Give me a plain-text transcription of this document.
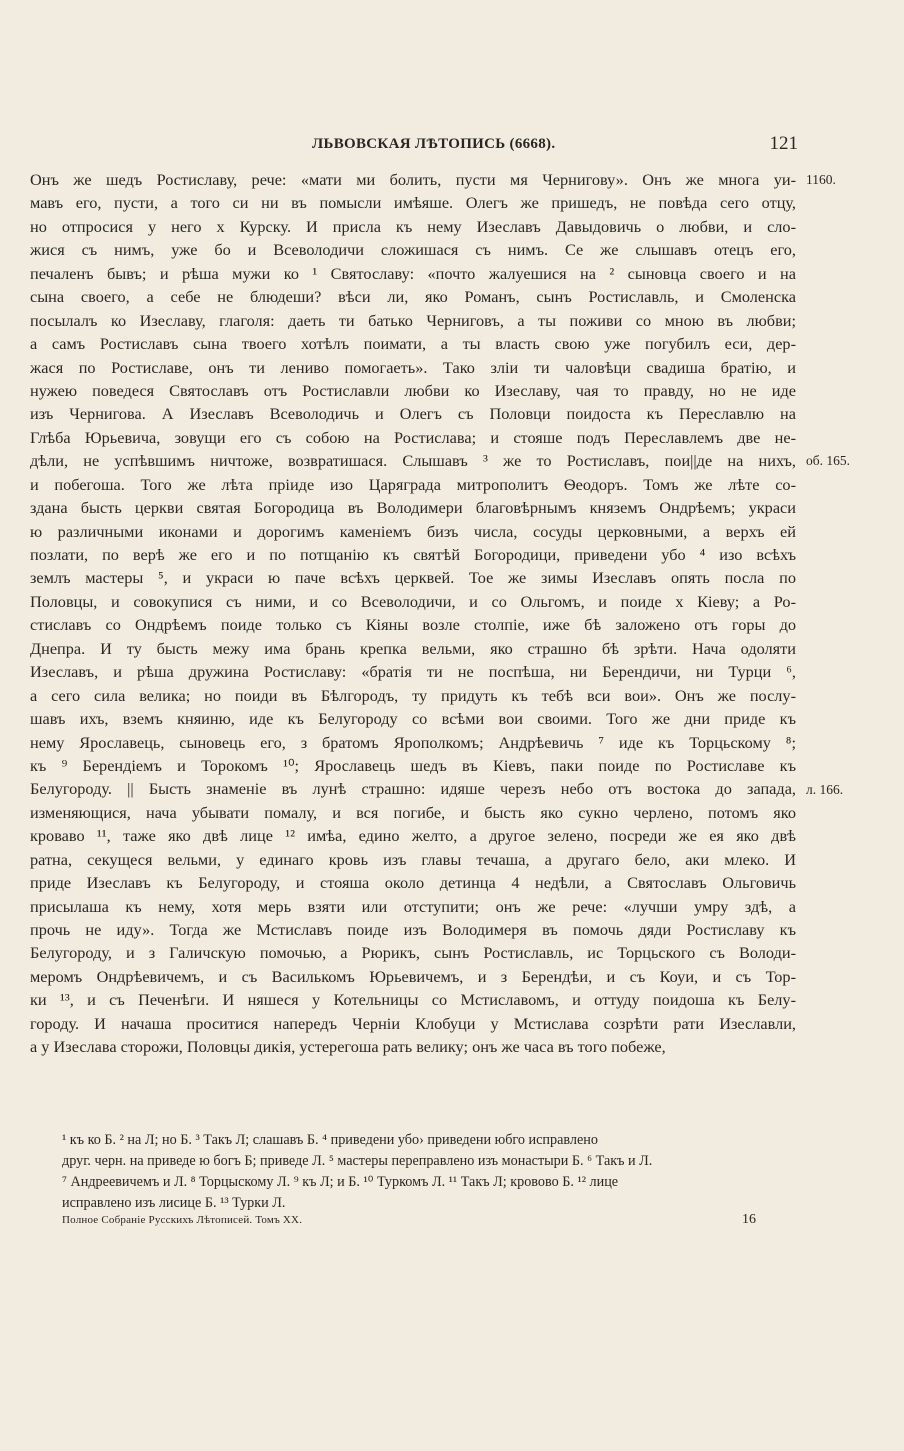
ЛЬВОВСКАЯ ЛѢТОПИСЬ (6668).	121
Онъ же шедъ Ростиславу, рече: «мати ми болить, пусти мя Чернигову». Онъ же многа уи-
мавъ его, пусти, а того си ни въ помысли имѣяше. Олегъ же пришедъ, не повѣда сего отцу,
но отпросися у него х Курску. И присла къ нему Изеславъ Давыдовичь о любви, и сло-
жися съ нимъ, уже бо и Всеволодичи сложишася съ нимъ. Се же слышавъ отецъ его,
печаленъ бывъ; и рѣша мужи ко ¹ Святославу: «почто жалуешися на ² сыновца своего и на
сына своего, а себе не блюдеши? вѣси ли, яко Романъ, сынъ Ростиславль, и Смоленска
посылалъ ко Изеславу, глаголя: даеть ти батько Черниговъ, а ты поживи со мною въ любви;
а самъ Ростиславъ сына твоего хотѣлъ поимати, а ты власть свою уже погубилъ еси, дер-
жася по Ростиславе, онъ ти лениво помогаеть». Тако зліи ти чаловѣци свадиша братію, и
нужею поведеся Святославъ отъ Ростиславли любви ко Изеславу, чая то правду, но не иде
изъ Чернигова. А Изеславъ Всеволодичь и Олегъ съ Половци поидоста къ Переславлю на
Глѣба Юрьевича, зовущи его съ собою на Ростислава; и стояше подъ Переславлемъ две не-
дѣли, не успѣвшимъ ничтоже, возвратишася. Слышавъ ³ же то Ростиславъ, пои||де на нихъ,
и побегоша. Того же лѣта пріиде изо Царяграда митрополитъ Ѳеодоръ. Томъ же лѣте со-
здана бысть церкви святая Богородица въ Володимери благовѣрнымъ княземъ Ондрѣемъ; украси
ю различными иконами и дорогимъ каменіемъ бизъ числа, сосуды церковными, а верхъ ей
позлати, по верѣ же его и по потщанію къ святѣй Богородици, приведени убо ⁴ изо всѣхъ
землъ мастеры ⁵, и украси ю паче всѣхъ церквей. Тое же зимы Изеславъ опять посла по
Половцы, и совокупися съ ними, и со Всеволодичи, и со Ольгомъ, и поиде х Кіеву; а Ро-
стиславъ со Ондрѣемъ поиде только съ Кіяны возле столпіе, иже бѣ заложено отъ горы до
Днепра. И ту бысть межу има брань крепка вельми, яко страшно бѣ зрѣти. Нача одоляти
Изеславъ, и рѣша дружина Ростиславу: «братія ти не поспѣша, ни Берендичи, ни Турци ⁶,
а сего сила велика; но поиди въ Бѣлгородъ, ту придуть къ тебѣ вси вои». Онъ же послу-
шавъ ихъ, вземъ княиню, иде къ Белугороду со всѣми вои своими. Того же дни приде къ
нему Ярославець, сыновець его, з братомъ Ярополкомъ; Андрѣевичь ⁷ иде къ Торцьскому ⁸;
къ ⁹ Берендіемъ и Торокомъ ¹⁰; Ярославець шедъ въ Кіевъ, паки поиде по Ростиславе къ
Белугороду. || Бысть знаменіе въ лунѣ страшно: идяше черезъ небо отъ востока до запада,
изменяющися, нача убывати помалу, и вся погибе, и бысть яко сукно черлено, потомъ яко
кроваво ¹¹, таже яко двѣ лице ¹² имѣа, едино желто, а другое зелено, посреди же ея яко двѣ
ратна, секущеся вельми, у единаго кровь изъ главы течаша, а другаго бело, аки млеко. И
приде Изеславъ къ Белугороду, и стояша около детинца 4 недѣли, а Святославъ Ольговичь
присылаша къ нему, хотя мерь взяти или отступити; онъ же рече: «лучши умру здѣ, а
прочь не иду». Тогда же Мстиславъ поиде изъ Володимеря въ помочь дяди Ростиславу къ
Белугороду, и з Галичскую помочью, а Рюрикъ, сынъ Ростиславль, ис Торцьского съ Володи-
меромъ Ондрѣевичемъ, и съ Василькомъ Юрьевичемъ, и з Берендѣи, и съ Коуи, и съ Тор-
ки ¹³, и съ Печенѣги. И няшеся у Котельницы со Мстиславомъ, и оттуду поидоша къ Белу-
городу. И начаша проситися напередъ Черніи Клобуци у Мстислава созрѣти рати Изеславли,
а у Изеслава сторожи, Половцы дикія, устерегоша рать велику; онъ же часа въ того побеже,
1160.
об. 165.
л. 166.
¹ къ ко Б. ² на Л; но Б. ³ Такъ Л; слашавъ Б. ⁴ приведени убо› приведени юбго исправлено
друг. черн. на приведе ю богъ Б; приведе Л. ⁵ мастеры переправлено изъ монастыри Б. ⁶ Такъ и Л.
⁷ Андреевичемъ и Л. ⁸ Торцыскому Л. ⁹ къ Л; и Б. ¹⁰ Туркомъ Л. ¹¹ Такъ Л; кровово Б. ¹² лице
исправлено изъ лисице Б. ¹³ Турки Л.
Полное Собраніе Русскихъ Лѣтописей. Томъ XX.	16
